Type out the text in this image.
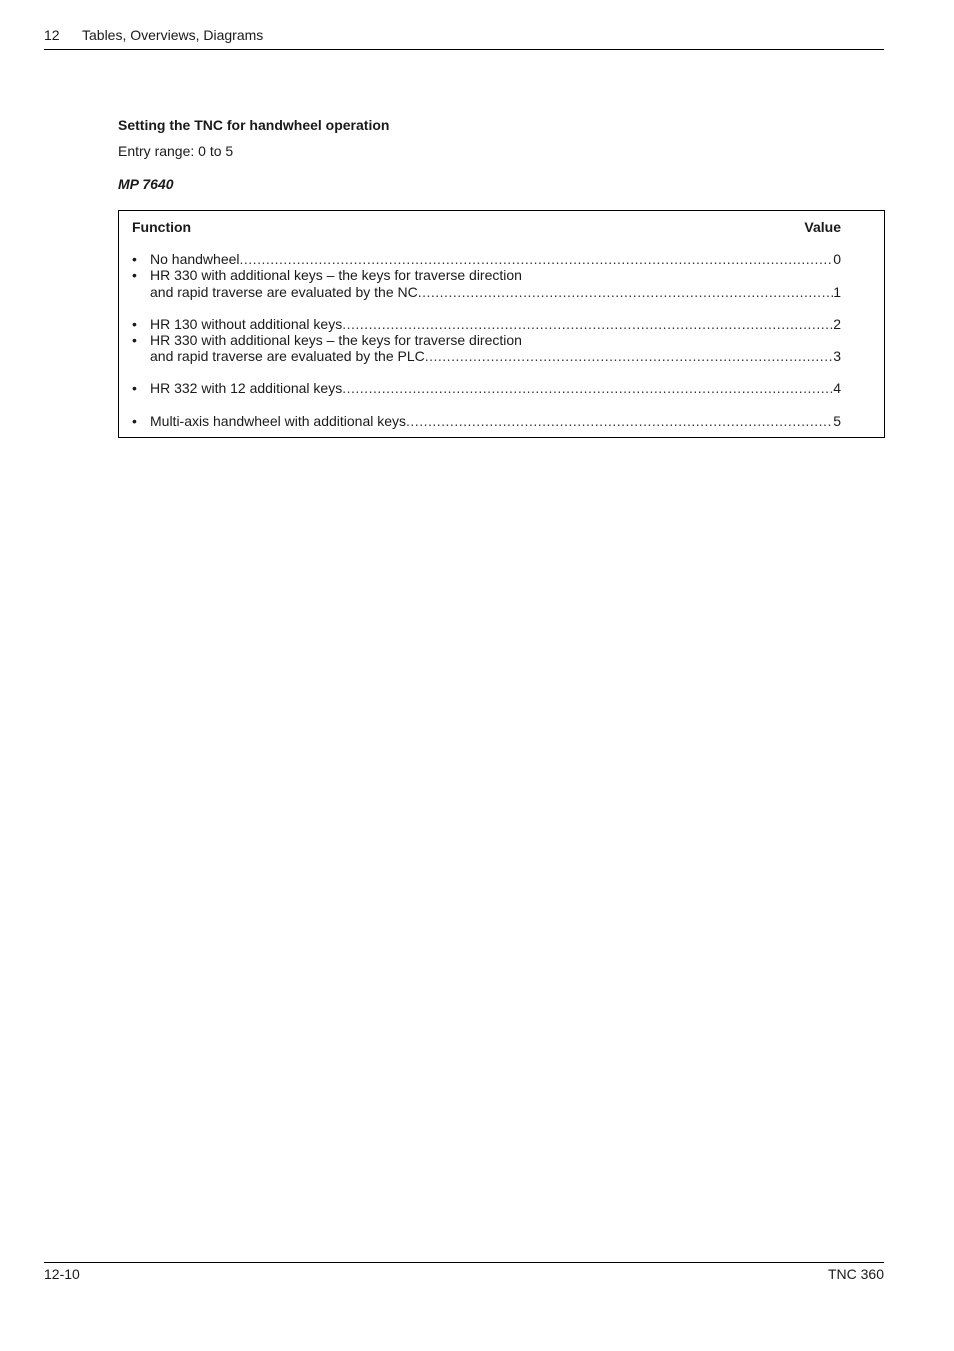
12 Tables, Overviews, Diagrams
Setting the TNC for handwheel operation
Entry range: 0 to 5
MP 7640
Function	Value
• No handwheel .....	0
• HR 330 with additional keys – the keys for traverse direction
and rapid traverse are evaluated by the NC .....	1
• HR 130 without additional keys .....	2
• HR 330 with additional keys – the keys for traverse direction
and rapid traverse are evaluated by the PLC .....	3
• HR 332 with 12 additional keys .....	4
• Multi-axis handwheel with additional keys .....	5
12-10	TNC 360
